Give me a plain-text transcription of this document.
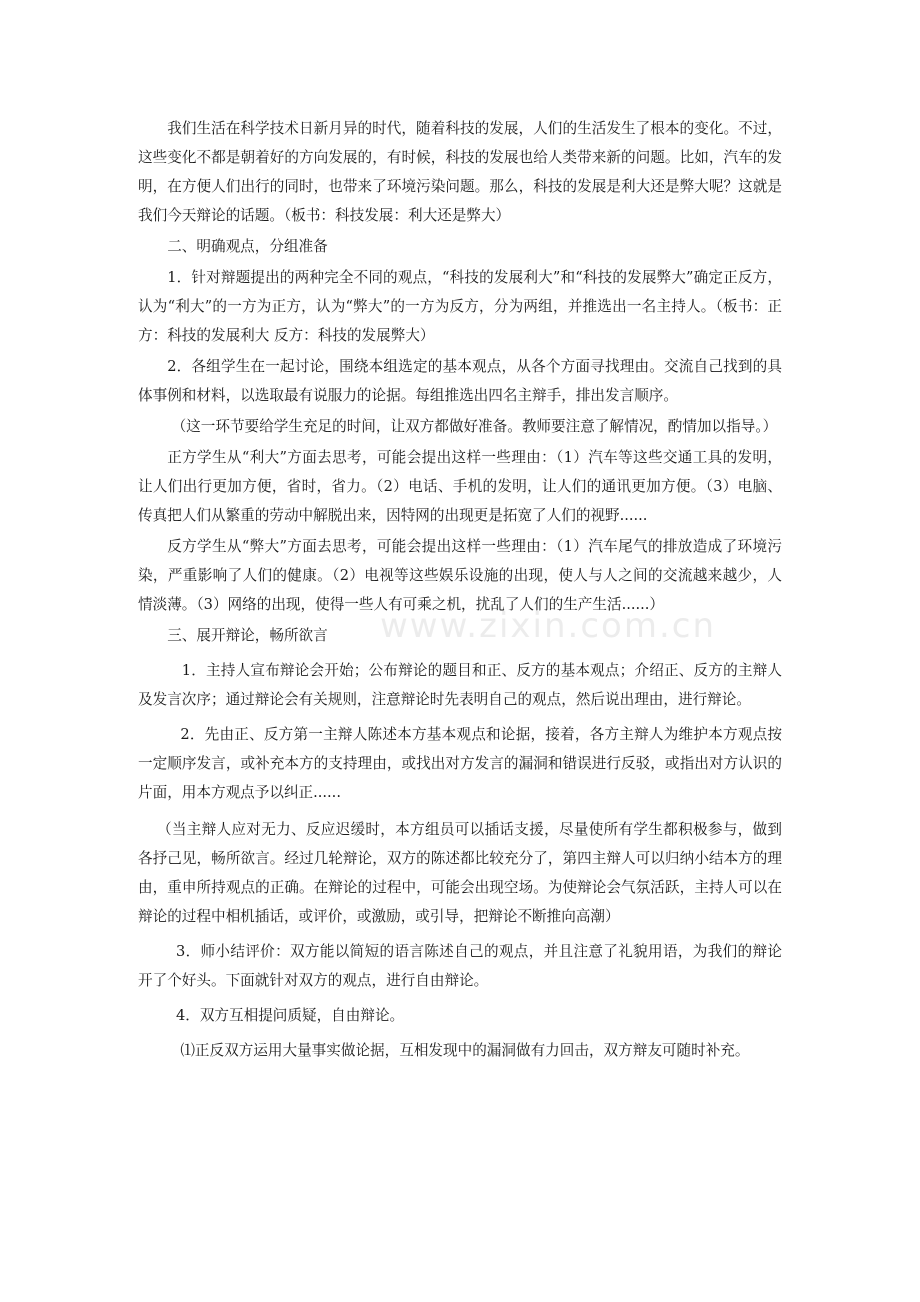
我们生活在科学技术日新月异的时代，随着科技的发展，人们的生活发生了根本的变化。不过，这些变化不都是朝着好的方向发展的，有时候，科技的发展也给人类带来新的问题。比如，汽车的发明，在方便人们出行的同时，也带来了环境污染问题。那么，科技的发展是利大还是弊大呢？这就是我们今天辩论的话题。（板书：科技发展：利大还是弊大）

二、明确观点，分组准备

1．针对辩题提出的两种完全不同的观点，“科技的发展利大”和“科技的发展弊大”确定正反方，认为“利大”的一方为正方，认为“弊大”的一方为反方，分为两组，并推选出一名主持人。（板书：正方：科技的发展利大 反方：科技的发展弊大）

2．各组学生在一起讨论，围绕本组选定的基本观点，从各个方面寻找理由。交流自己找到的具体事例和材料，以选取最有说服力的论据。每组推选出四名主辩手，排出发言顺序。

（这一环节要给学生充足的时间，让双方都做好准备。教师要注意了解情况，酌情加以指导。）

正方学生从“利大”方面去思考，可能会提出这样一些理由：（1）汽车等这些交通工具的发明，让人们出行更加方便，省时，省力。（2）电话、手机的发明，让人们的通讯更加方便。（3）电脑、传真把人们从繁重的劳动中解脱出来，因特网的出现更是拓宽了人们的视野......

反方学生从“弊大”方面去思考，可能会提出这样一些理由：（1）汽车尾气的排放造成了环境污染，严重影响了人们的健康。（2）电视等这些娱乐设施的出现，使人与人之间的交流越来越少，人情淡薄。（3）网络的出现，使得一些人有可乘之机，扰乱了人们的生产生活......）

三、展开辩论，畅所欲言

1．主持人宣布辩论会开始；公布辩论的题目和正、反方的基本观点；介绍正、反方的主辩人及发言次序；通过辩论会有关规则，注意辩论时先表明自己的观点，然后说出理由，进行辩论。

2．先由正、反方第一主辩人陈述本方基本观点和论据，接着，各方主辩人为维护本方观点按一定顺序发言，或补充本方的支持理由，或找出对方发言的漏洞和错误进行反驳，或指出对方认识的片面，用本方观点予以纠正......

（当主辩人应对无力、反应迟缓时，本方组员可以插话支援，尽量使所有学生都积极参与，做到各抒己见，畅所欲言。经过几轮辩论，双方的陈述都比较充分了，第四主辩人可以归纳小结本方的理由，重申所持观点的正确。在辩论的过程中，可能会出现空场。为使辩论会气氛活跃，主持人可以在辩论的过程中相机插话，或评价，或激励，或引导，把辩论不断推向高潮）

3．师小结评价：双方能以简短的语言陈述自己的观点，并且注意了礼貌用语，为我们的辩论开了个好头。下面就针对双方的观点，进行自由辩论。

4．双方互相提问质疑，自由辩论。

⑴正反双方运用大量事实做论据，互相发现中的漏洞做有力回击，双方辩友可随时补充。

www.zixin.com.cn
